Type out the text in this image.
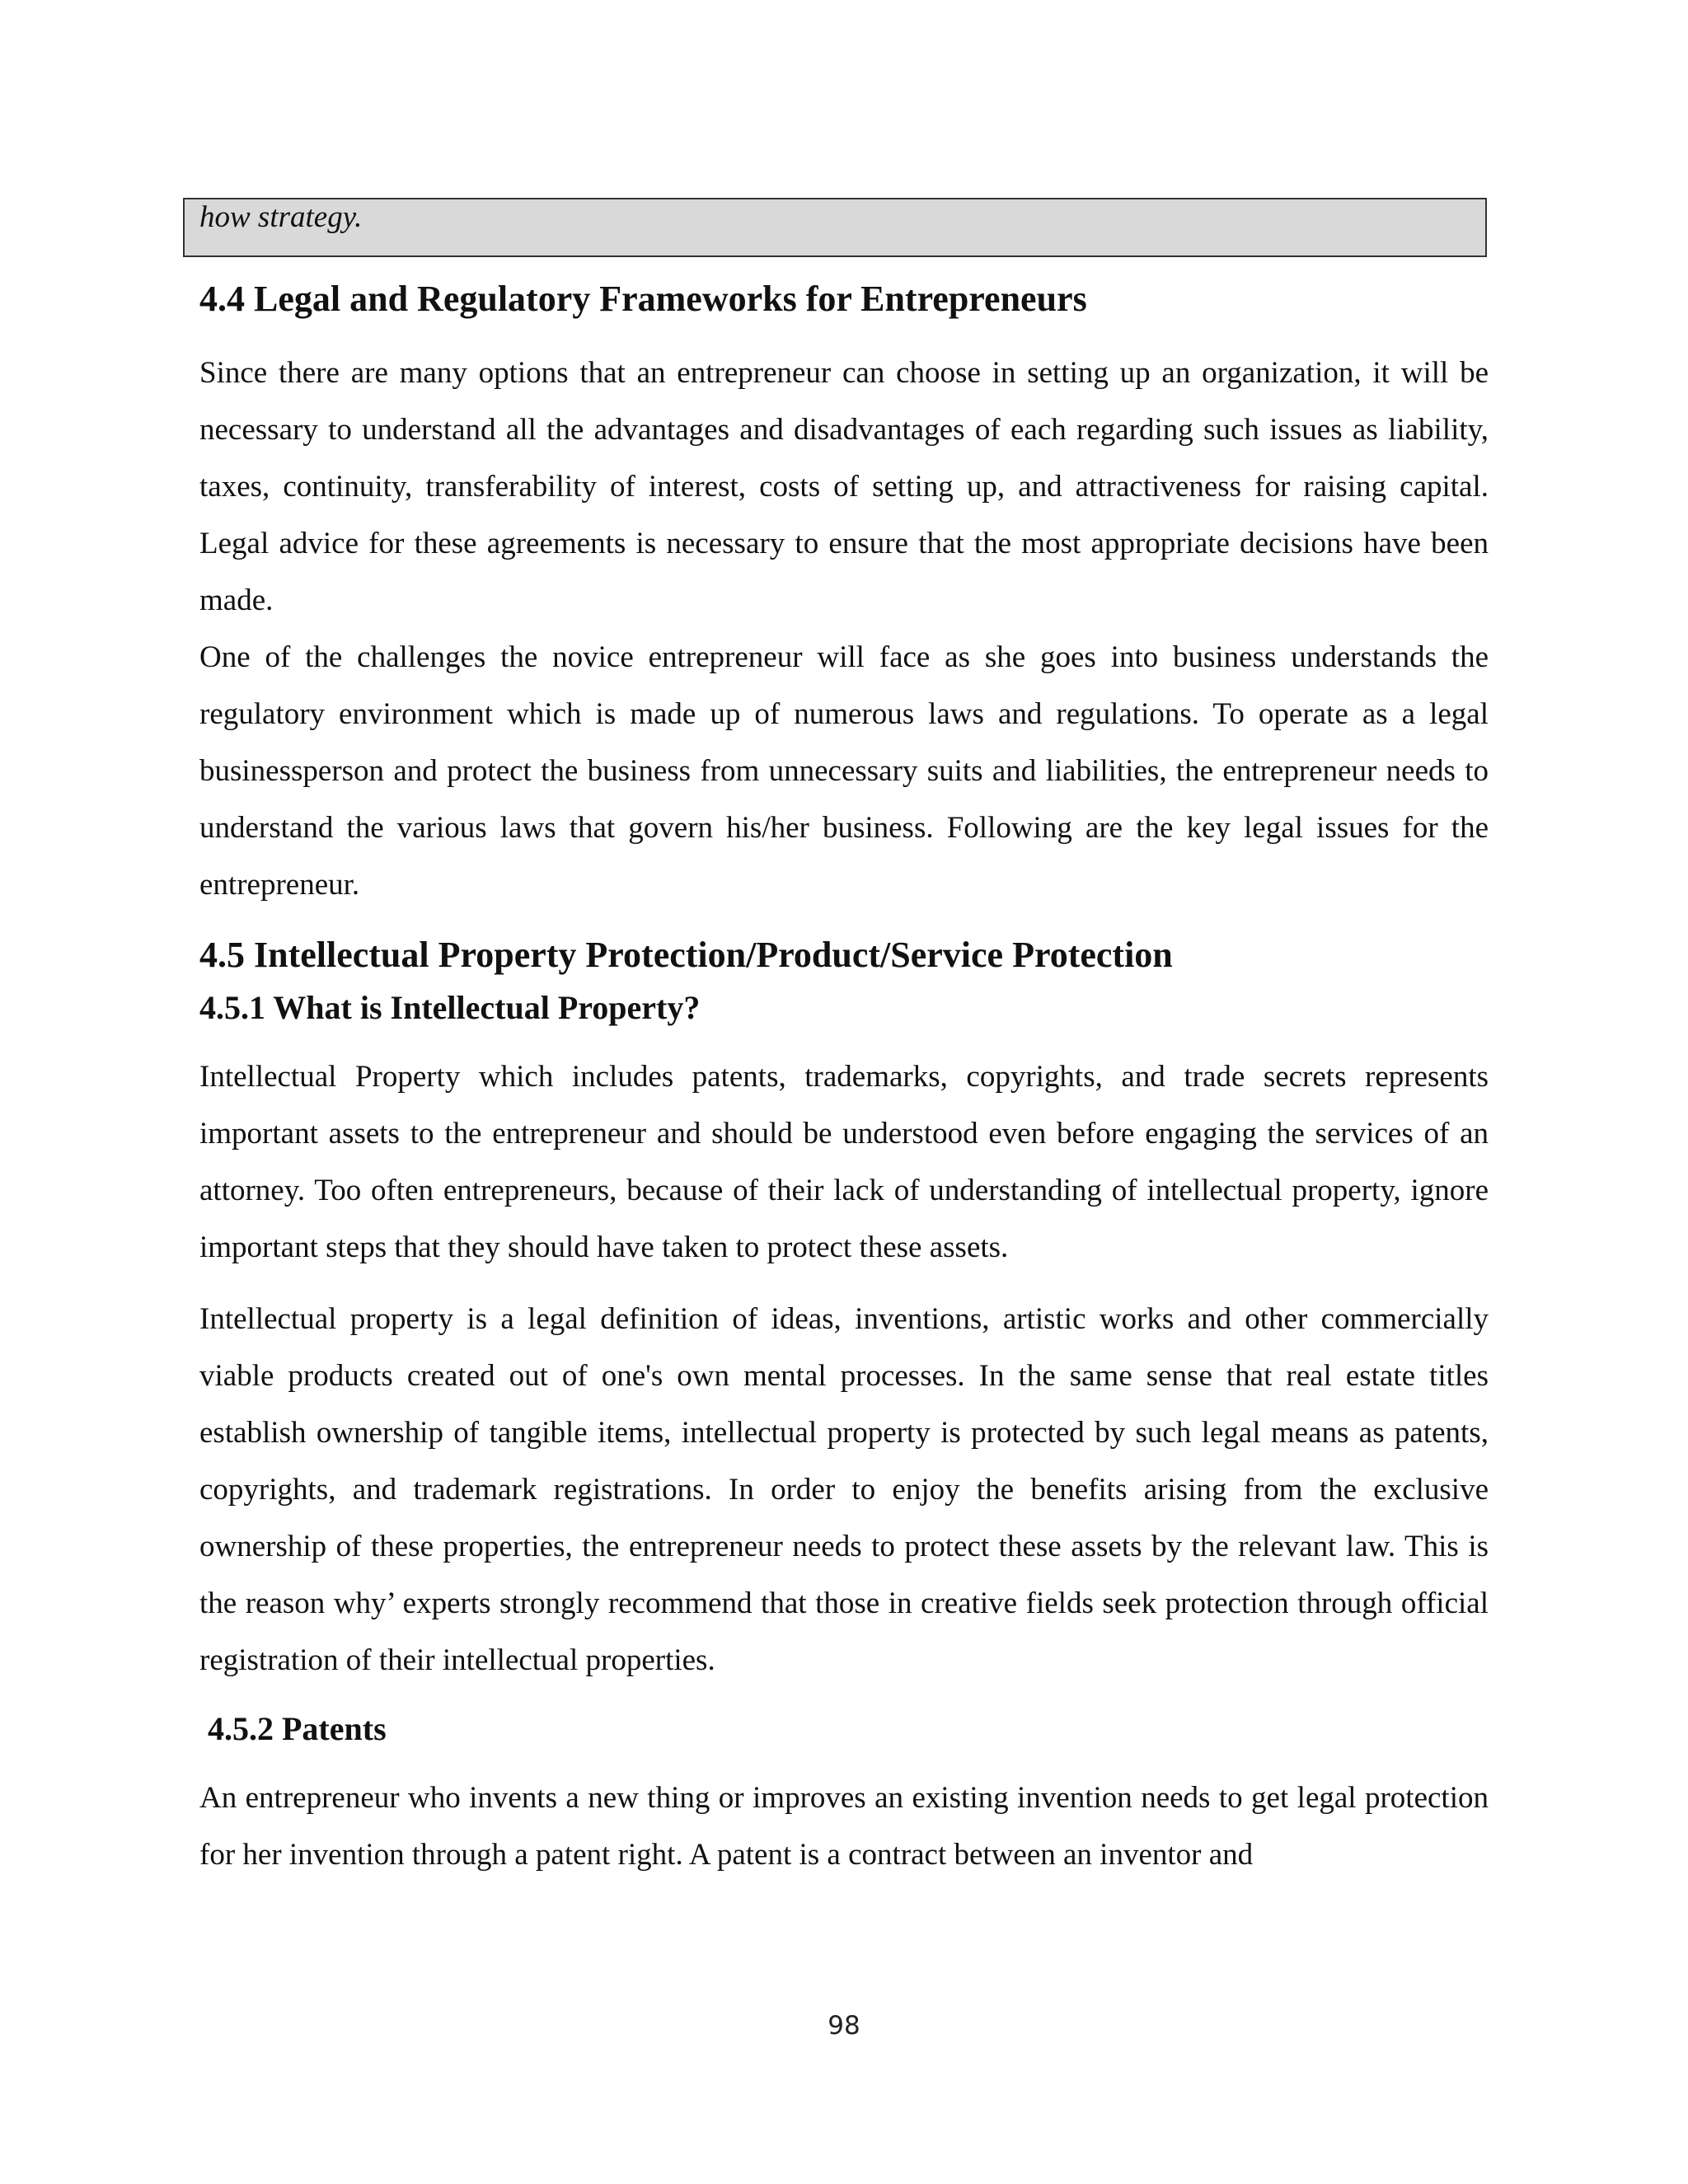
how strategy.
4.4 Legal and Regulatory Frameworks for Entrepreneurs

Since there are many options that an entrepreneur can choose in setting up an organization, it will be necessary to understand all the advantages and disadvantages of each regarding such issues as liability, taxes, continuity, transferability of interest, costs of setting up, and attractiveness for raising capital. Legal advice for these agreements is necessary to ensure that the most appropriate decisions have been made.

One of the challenges the novice entrepreneur will face as she goes into business understands the regulatory environment which is made up of numerous laws and regulations. To operate as a legal businessperson and protect the business from unnecessary suits and liabilities, the entrepreneur needs to understand the various laws that govern his/her business. Following are the key legal issues for the entrepreneur.

4.5 Intellectual Property Protection/Product/Service Protection
4.5.1 What is Intellectual Property?

Intellectual Property which includes patents, trademarks, copyrights, and trade secrets represents important assets to the entrepreneur and should be understood even before engaging the services of an attorney. Too often entrepreneurs, because of their lack of understanding of intellectual property, ignore important steps that they should have taken to protect these assets.

Intellectual property is a legal definition of ideas, inventions, artistic works and other commercially viable products created out of one's own mental processes. In the same sense that real estate titles establish ownership of tangible items, intellectual property is protected by such legal means as patents, copyrights, and trademark registrations. In order to enjoy the benefits arising from the exclusive ownership of these properties, the entrepreneur needs to protect these assets by the relevant law. This is the reason why’ experts strongly recommend that those in creative fields seek protection through official registration of their intellectual properties.

4.5.2 Patents

An entrepreneur who invents a new thing or improves an existing invention needs to get legal protection for her invention through a patent right. A patent is a contract between an inventor and

98
